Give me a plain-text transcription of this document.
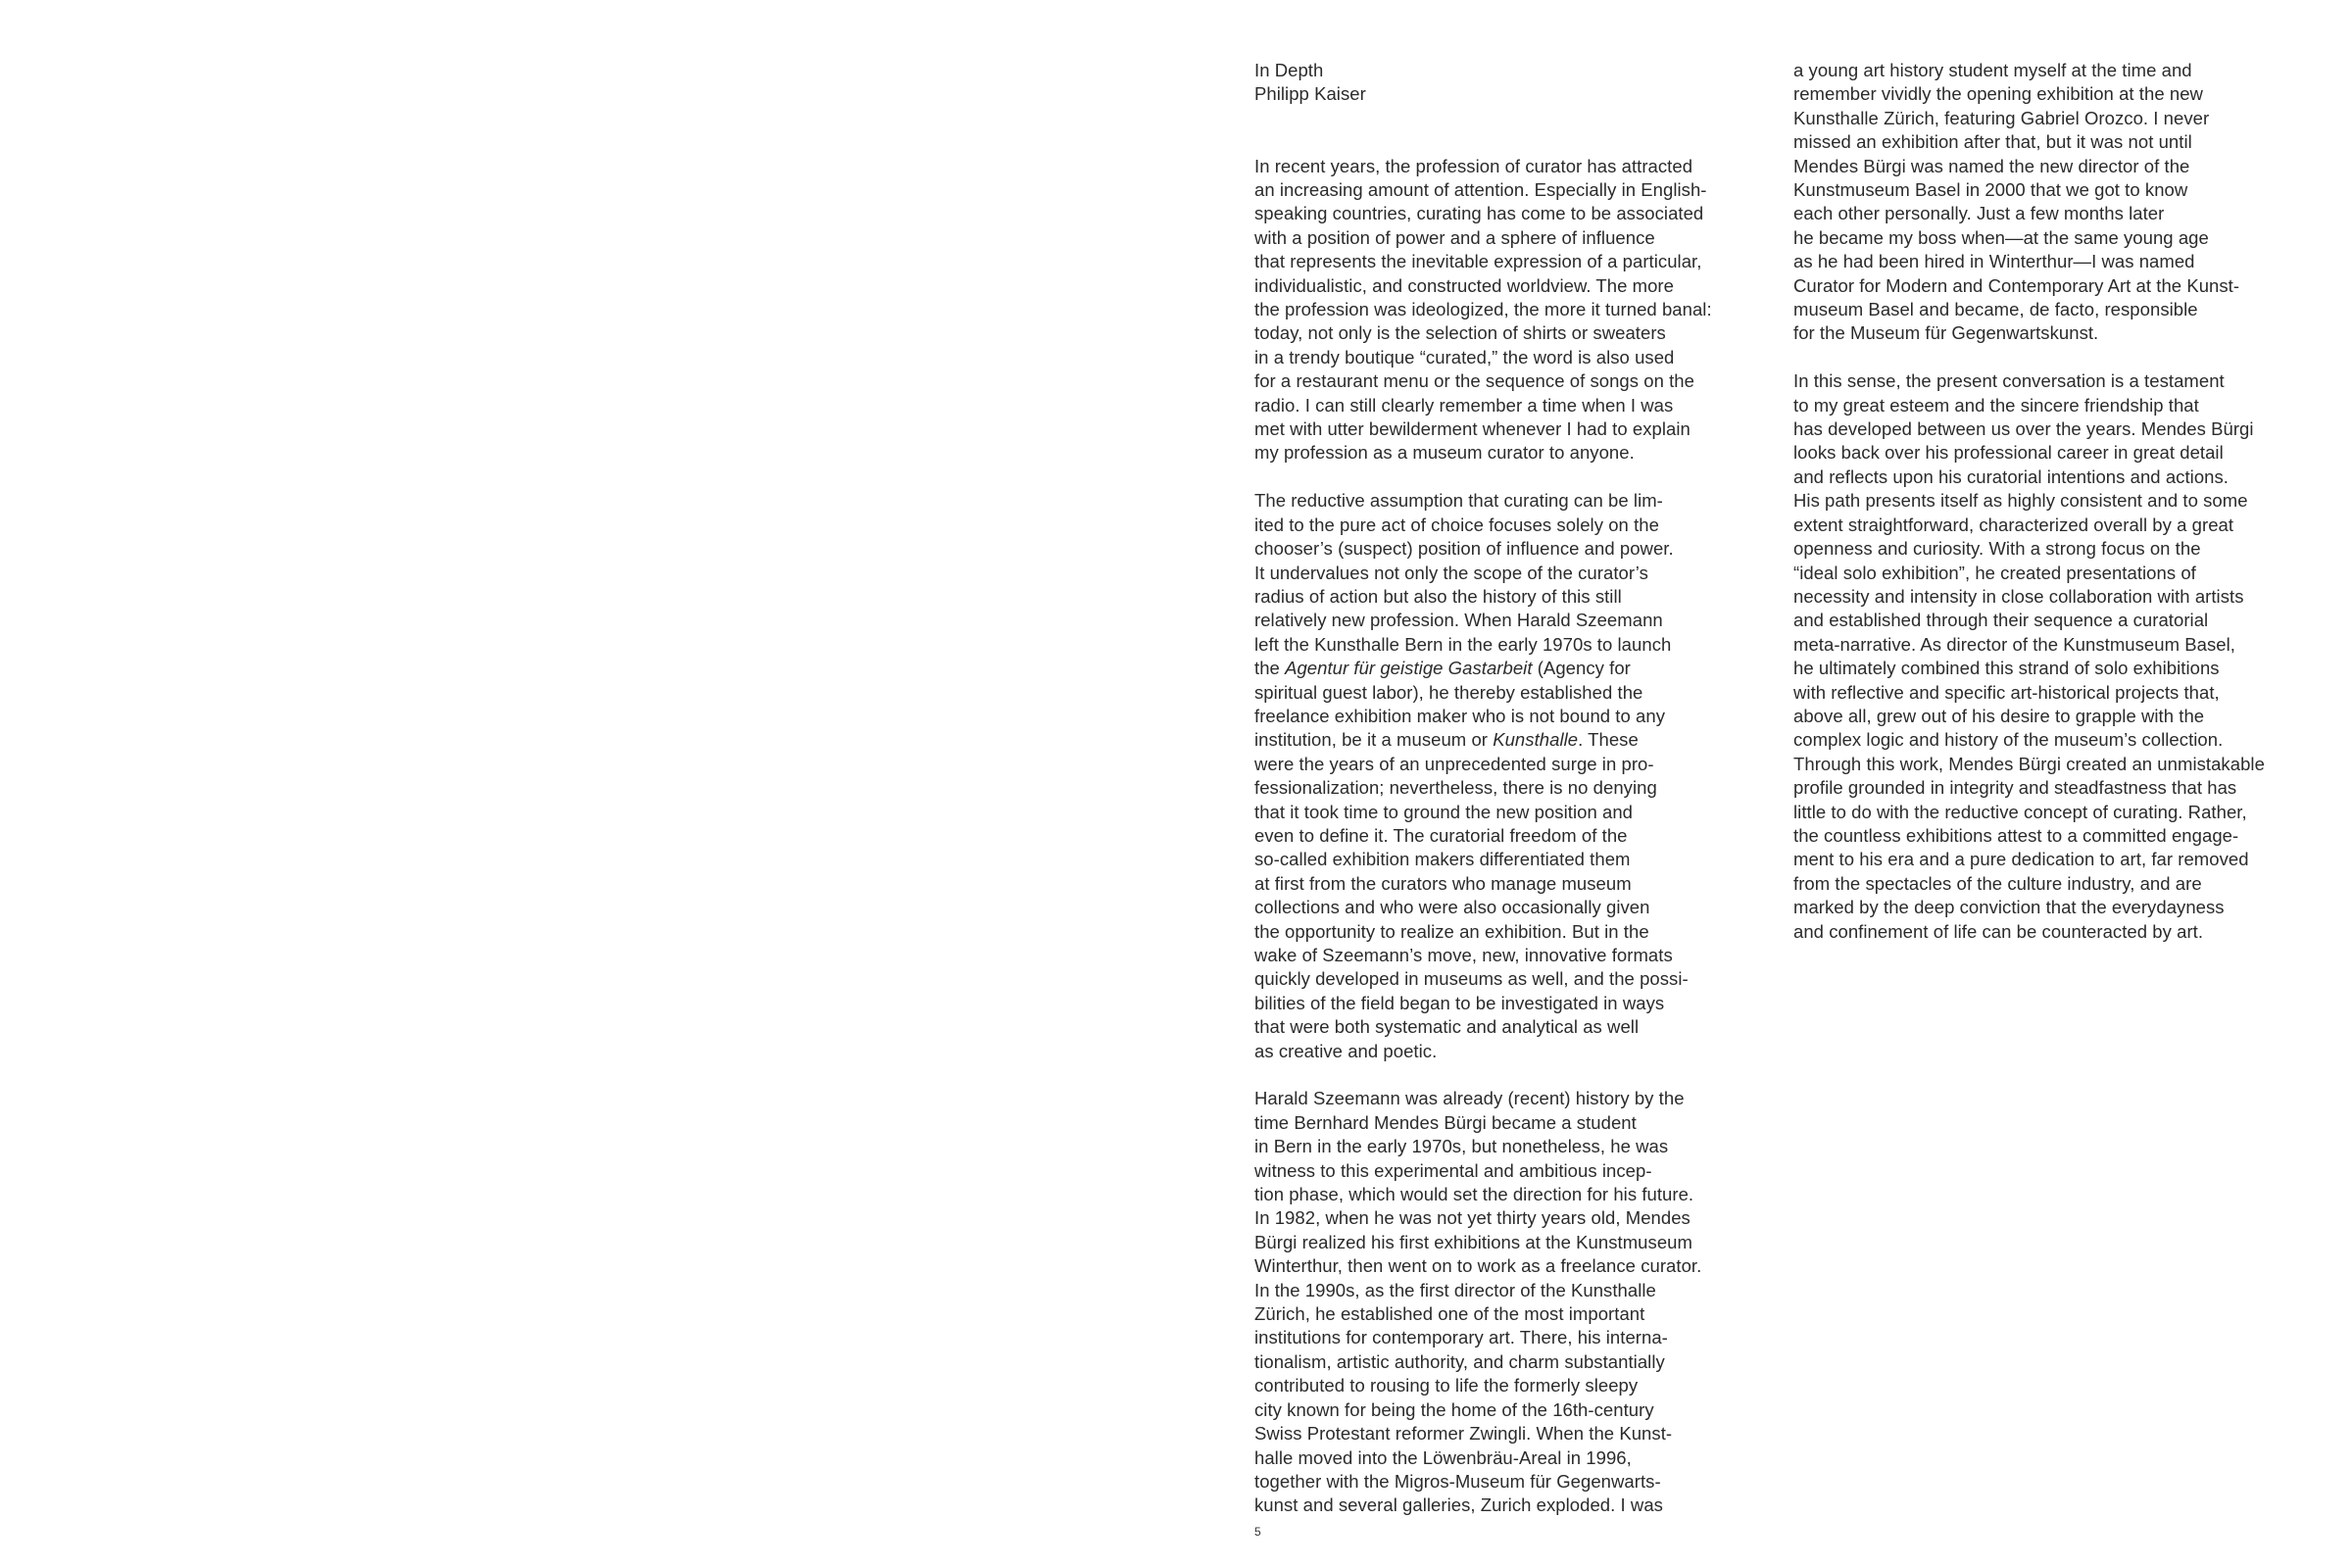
In Depth
Philipp Kaiser
In recent years, the profession of curator has attracted
an increasing amount of attention. Especially in English-
speaking countries, curating has come to be associated
with a position of power and a sphere of influence
that represents the inevitable expression of a particular,
individualistic, and constructed worldview. The more
the profession was ideologized, the more it turned banal:
today, not only is the selection of shirts or sweaters
in a trendy boutique “curated,” the word is also used
for a restaurant menu or the sequence of songs on the
radio. I can still clearly remember a time when I was
met with utter bewilderment whenever I had to explain
my profession as a museum curator to anyone.
The reductive assumption that curating can be lim-
ited to the pure act of choice focuses solely on the
chooser’s (suspect) position of influence and power.
It undervalues not only the scope of the curator’s
radius of action but also the history of this still
relatively new profession. When Harald Szeemann
left the Kunsthalle Bern in the early 1970s to launch
the Agentur für geistige Gastarbeit (Agency for
spiritual guest labor), he thereby established the
freelance exhibition maker who is not bound to any
institution, be it a museum or Kunsthalle. These
were the years of an unprecedented surge in pro-
fessionalization; nevertheless, there is no denying
that it took time to ground the new position and
even to define it. The curatorial freedom of the
so-called exhibition makers differentiated them
at first from the curators who manage museum
collections and who were also occasionally given
the opportunity to realize an exhibition. But in the
wake of Szeemann’s move, new, innovative formats
quickly developed in museums as well, and the possi-
bilities of the field began to be investigated in ways
that were both systematic and analytical as well
as creative and poetic.
Harald Szeemann was already (recent) history by the
time Bernhard Mendes Bürgi became a student
in Bern in the early 1970s, but nonetheless, he was
witness to this experimental and ambitious incep-
tion phase, which would set the direction for his future.
In 1982, when he was not yet thirty years old, Mendes
Bürgi realized his first exhibitions at the Kunstmuseum
Winterthur, then went on to work as a freelance curator.
In the 1990s, as the first director of the Kunsthalle
Zürich, he established one of the most important
institutions for contemporary art. There, his interna-
tionalism, artistic authority, and charm substantially
contributed to rousing to life the formerly sleepy
city known for being the home of the 16th-century
Swiss Protestant reformer Zwingli. When the Kunst-
halle moved into the Löwenbräu-Areal in 1996,
together with the Migros-Museum für Gegenwarts-
kunst and several galleries, Zurich exploded. I was
a young art history student myself at the time and
remember vividly the opening exhibition at the new
Kunsthalle Zürich, featuring Gabriel Orozco. I never
missed an exhibition after that, but it was not until
Mendes Bürgi was named the new director of the
Kunstmuseum Basel in 2000 that we got to know
each other personally. Just a few months later
he became my boss when—at the same young age
as he had been hired in Winterthur—I was named
Curator for Modern and Contemporary Art at the Kunst-
museum Basel and became, de facto, responsible
for the Museum für Gegenwartskunst.
In this sense, the present conversation is a testament
to my great esteem and the sincere friendship that
has developed between us over the years. Mendes Bürgi
looks back over his professional career in great detail
and reflects upon his curatorial intentions and actions.
His path presents itself as highly consistent and to some
extent straightforward, characterized overall by a great
openness and curiosity. With a strong focus on the
“ideal solo exhibition”, he created presentations of
necessity and intensity in close collaboration with artists
and established through their sequence a curatorial
meta-narrative. As director of the Kunstmuseum Basel,
he ultimately combined this strand of solo exhibitions
with reflective and specific art-historical projects that,
above all, grew out of his desire to grapple with the
complex logic and history of the museum’s collection.
Through this work, Mendes Bürgi created an unmistakable
profile grounded in integrity and steadfastness that has
little to do with the reductive concept of curating. Rather,
the countless exhibitions attest to a committed engage-
ment to his era and a pure dedication to art, far removed
from the spectacles of the culture industry, and are
marked by the deep conviction that the everydayness
and confinement of life can be counteracted by art.
5
